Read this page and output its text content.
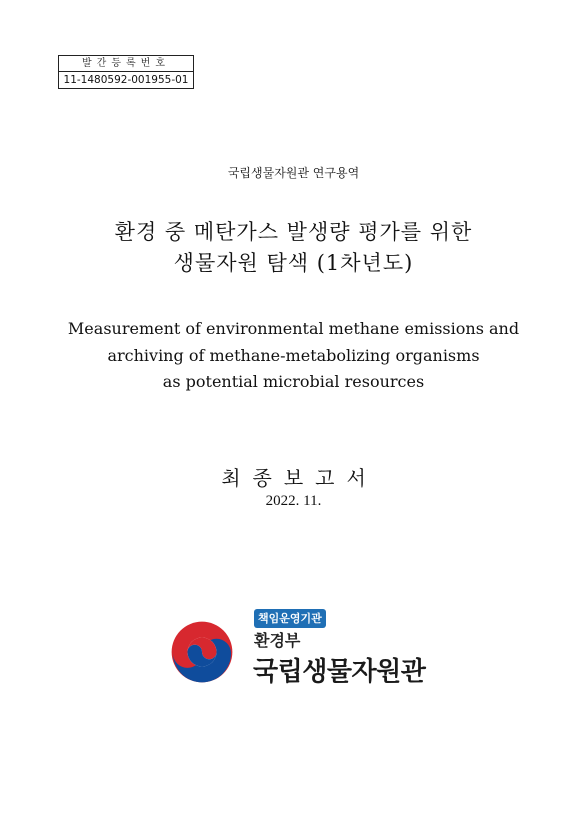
발간등록번호
11-1480592-001955-01
국립생물자원관 연구용역
환경 중 메탄가스 발생량 평가를 위한
생물자원 탐색 (1차년도)
Measurement of environmental methane emissions and
archiving of methane-metabolizing organisms
as potential microbial resources
최종보고서
2022. 11.
책임운영기관
환경부
국립생물자원관
